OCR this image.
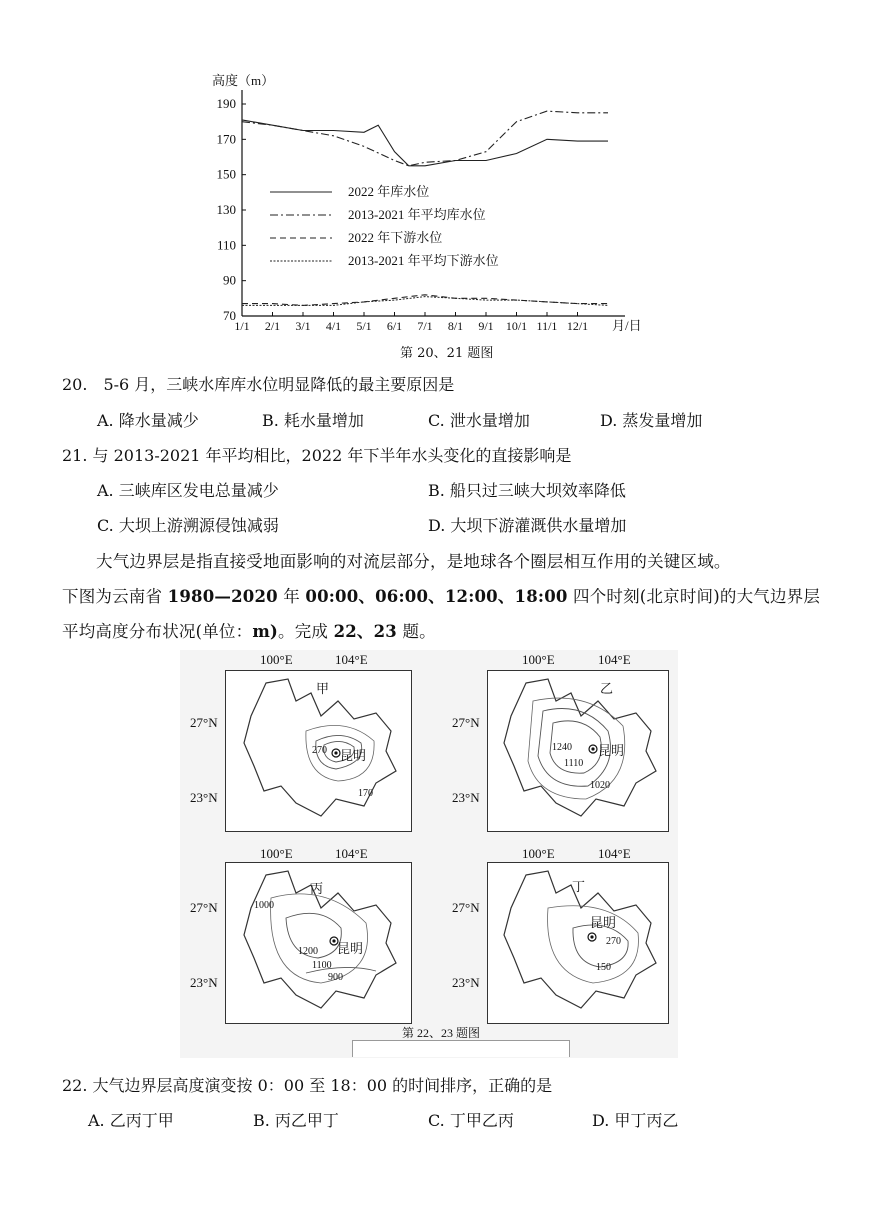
高度（m）
190
170
150
130
110
90
70
1/1 2/1 3/1 4/1 5/1 6/1 7/1 8/1 9/1 10/1 11/1 12/1
2022 年库水位
2013-2021 年平均库水位
2022 年下游水位
2013-2021 年平均下游水位
月/日
第 20、21 题图
20.　5-6 月，三峡水库库水位明显降低的最主要原因是
A. 降水量减少	B. 耗水量增加	C. 泄水量增加	D. 蒸发量增加
21. 与 2013-2021 年平均相比，2022 年下半年水头变化的直接影响是
A. 三峡库区发电总量减少	B. 船只过三峡大坝效率降低
C. 大坝上游溯源侵蚀减弱	D. 大坝下游灌溉供水量增加
大气边界层是指直接受地面影响的对流层部分，是地球各个圈层相互作用的关键区域。
下图为云南省 1980—2020 年 00:00、06:00、12:00、18:00 四个时刻(北京时间)的大气边界层
平均高度分布状况(单位：m)。完成 22、23 题。
100°E	104°E
27°N
23°N
甲
昆明
270
170
100°E	104°E
27°N
23°N
乙
昆明
1240
1110
1020
100°E	104°E
27°N
23°N
丙
昆明
1000
1200
1100
900
100°E	104°E
27°N
23°N
丁
昆明
270
150
第 22、23 题图
22. 大气边界层高度演变按 0：00 至 18：00 的时间排序，正确的是
A. 乙丙丁甲	B. 丙乙甲丁	C. 丁甲乙丙	D. 甲丁丙乙
